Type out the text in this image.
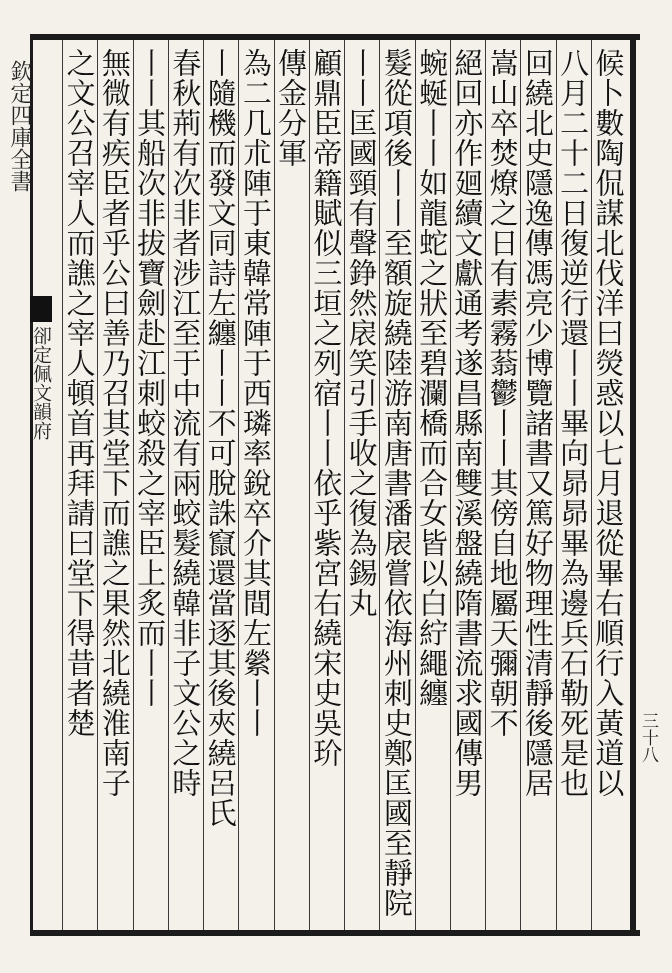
欽定四庫全書
卻定佩文韻府
三十八
候卜數陶侃謀北伐洋曰熒惑以七月退從畢右順行入黃道以
八月二十二日復逆行還丨丨畢向昴昴畢為邊兵石勒死是也
回繞北史隱逸傳馮亮少博覽諸書又篤好物理性清靜後隱居
嵩山卒焚燎之日有素霧蓊鬱丨丨其傍自地屬天彌朝不
絕回亦作廻續文獻通考遂昌縣南雙溪盤繞隋書流求國傳男
蜿蜒丨丨如龍蛇之狀至碧瀾橋而合女皆以白紵繩纏
髮從項後丨丨至額旋繞陸游南唐書潘扆嘗依海州刺史鄭匡國至靜院
丨丨匡國頸有聲錚然扆笑引手收之復為錫丸
顧鼎臣帝籍賦似三垣之列宿丨丨依乎紫宮右繞宋史吳玠
傳金分軍
為二几朮陣于東韓常陣于西璘率銳卒介其間左縈丨丨
丨隨機而發文同詩左纏丨丨不可脫誅竄還當逐其後夾繞呂氏
春秋荊有次非者涉江至于中流有兩蛟髮繞韓非子文公之時
丨丨其船次非拔寶劍赴江刺蛟殺之宰臣上炙而丨丨
無微有疾臣者乎公曰善乃召其堂下而譙之果然北繞淮南子
之文公召宰人而譙之宰人頓首再拜請曰堂下得昔者楚
